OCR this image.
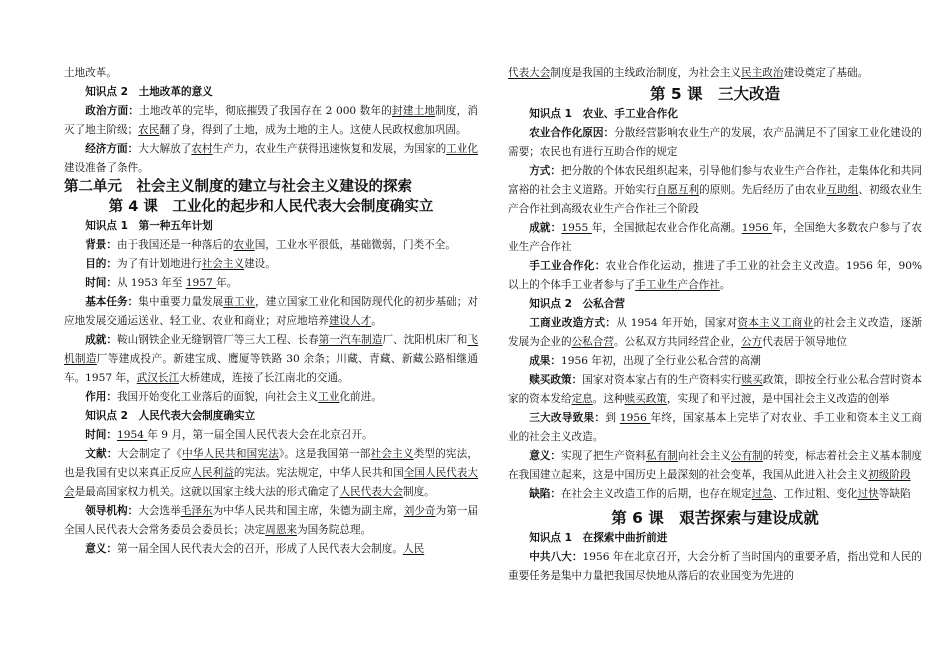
土地改革。

知识点 2　土地改革的意义

政治方面：土地改革的完毕，彻底摧毁了我国存在 2 000 数年的封建土地制度，消灭了地主阶级；农民翻了身，得到了土地，成为土地的主人。这使人民政权愈加巩固。

经济方面：大大解放了农村生产力，农业生产获得迅速恢复和发展，为国家的工业化建设准备了条件。

第二单元　社会主义制度的建立与社会主义建设的探索

第 4 课　工业化的起步和人民代表大会制度确实立

知识点 1　第一种五年计划

背景：由于我国还是一种落后的农业国，工业水平很低，基础微弱，门类不全。

目的：为了有计划地进行社会主义建设。

时间：从 1953 年至 1957 年。

基本任务：集中重要力量发展重工业，建立国家工业化和国防现代化的初步基础；对应地发展交通运送业、轻工业、农业和商业；对应地培养建设人才。

成就：鞍山钢铁企业无缝钢管厂等三大工程、长春第一汽车制造厂、沈阳机床厂和飞机制造厂等建成投产。新建宝成、鹰厦等铁路 30 余条；川藏、青藏、新藏公路相继通车。1957 年，武汉长江大桥建成，连接了长江南北的交通。

作用：我国开始变化工业落后的面貌，向社会主义工业化前进。

知识点 2　人民代表大会制度确实立

时间：1954 年 9 月，第一届全国人民代表大会在北京召开。

文献：大会制定了《中华人民共和国宪法》。这是我国第一部社会主义类型的宪法，也是我国有史以来真正反应人民利益的宪法。宪法规定，中华人民共和国全国人民代表大会是最高国家权力机关。这就以国家主线大法的形式确定了人民代表大会制度。

领导机构：大会选举毛泽东为中华人民共和国主席，朱德为副主席，刘少奇为第一届全国人民代表大会常务委员会委员长；决定周恩来为国务院总理。

意义：第一届全国人民代表大会的召开，形成了人民代表大会制度。人民

代表大会制度是我国的主线政治制度，为社会主义民主政治建设奠定了基础。

第 5 课　三大改造

知识点 1　农业、手工业合作化

农业合作化原因：分散经营影响农业生产的发展，农产品满足不了国家工业化建设的需要；农民也有进行互助合作的规定

方式：把分散的个体农民组织起来，引导他们参与农业生产合作社，走集体化和共同富裕的社会主义道路。开始实行自愿互利的原则。先后经历了由农业互助组、初级农业生产合作社到高级农业生产合作社三个阶段

成就：1955 年，全国掀起农业合作化高潮。1956 年，全国绝大多数农户参与了农业生产合作社

手工业合作化：农业合作化运动，推进了手工业的社会主义改造。1956 年，90%以上的个体手工业者参与了手工业生产合作社。

知识点 2　公私合营

工商业改造方式：从 1954 年开始，国家对资本主义工商业的社会主义改造，逐渐发展为企业的公私合营。公私双方共同经营企业，公方代表居于领导地位

成果：1956 年初，出现了全行业公私合营的高潮

赎买政策：国家对资本家占有的生产资料实行赎买政策，即按全行业公私合营时资本家的资本发给定息。这种赎买政策，实现了和平过渡，是中国社会主义改造的创举

三大改导致果：到 1956 年终，国家基本上完毕了对农业、手工业和资本主义工商业的社会主义改造。

意义：实现了把生产资料私有制向社会主义公有制的转变，标志着社会主义基本制度在我国建立起来，这是中国历史上最深刻的社会变革，我国从此进入社会主义初级阶段

缺陷：在社会主义改造工作的后期，也存在规定过急、工作过粗、变化过快等缺陷

第 6 课　艰苦探索与建设成就

知识点 1　在探索中曲折前进

中共八大：1956 年在北京召开，大会分析了当时国内的重要矛盾，指出党和人民的重要任务是集中力量把我国尽快地从落后的农业国变为先进的
